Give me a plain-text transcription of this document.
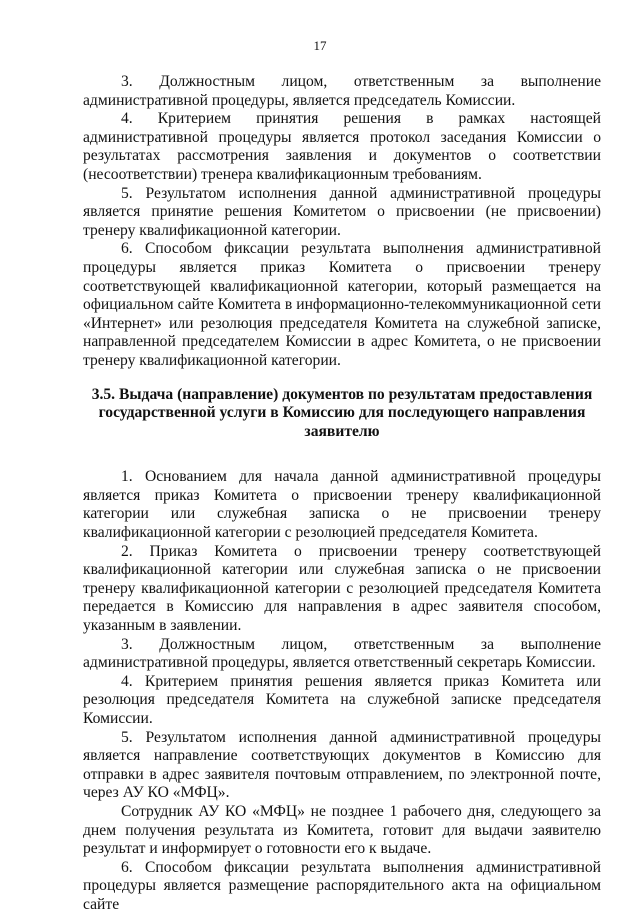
17

3. Должностным лицом, ответственным за выполнение административной процедуры, является председатель Комиссии.

4. Критерием принятия решения в рамках настоящей административной процедуры является протокол заседания Комиссии о результатах рассмотрения заявления и документов о соответствии (несоответствии) тренера квалификационным требованиям.

5. Результатом исполнения данной административной процедуры является принятие решения Комитетом о присвоении (не присвоении) тренеру квалификационной категории.

6. Способом фиксации результата выполнения административной процедуры является приказ Комитета о присвоении тренеру соответствующей квалификационной категории, который размещается на официальном сайте Комитета в информационно-телекоммуникационной сети «Интернет» или резолюция председателя Комитета на служебной записке, направленной председателем Комиссии в адрес Комитета, о не присвоении тренеру квалификационной категории.

3.5. Выдача (направление) документов по результатам предоставления государственной услуги в Комиссию для последующего направления заявителю

1. Основанием для начала данной административной процедуры является приказ Комитета о присвоении тренеру квалификационной категории или служебная записка о не присвоении тренеру квалификационной категории с резолюцией председателя Комитета.

2. Приказ Комитета о присвоении тренеру соответствующей квалификационной категории или служебная записка о не присвоении тренеру квалификационной категории с резолюцией председателя Комитета передается в Комиссию для направления в адрес заявителя способом, указанным в заявлении.

3. Должностным лицом, ответственным за выполнение административной процедуры, является ответственный секретарь Комиссии.

4. Критерием принятия решения является приказ Комитета или резолюция председателя Комитета на служебной записке председателя Комиссии.

5. Результатом исполнения данной административной процедуры является направление соответствующих документов в Комиссию для отправки в адрес заявителя почтовым отправлением, по электронной почте, через АУ КО «МФЦ».

Сотрудник АУ КО «МФЦ» не позднее 1 рабочего дня, следующего за днем получения результата из Комитета, готовит для выдачи заявителю результат и информирует о готовности его к выдаче.

6. Способом фиксации результата выполнения административной процедуры является размещение распорядительного акта на официальном сайте
